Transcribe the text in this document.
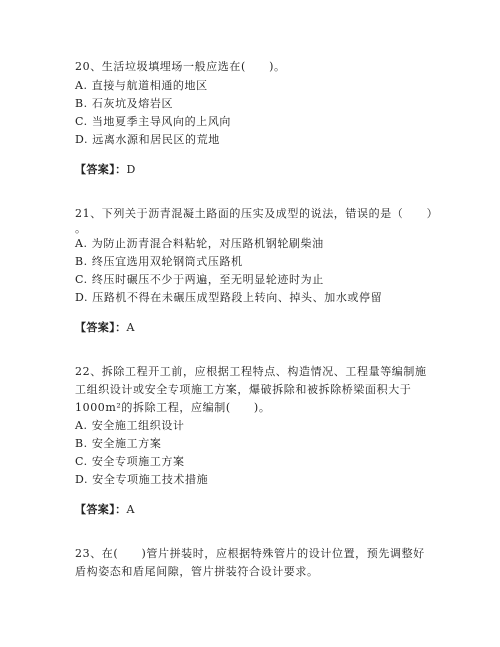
20、生活垃圾填埋场一般应选在(　　)。
A. 直接与航道相通的地区
B. 石灰坑及熔岩区
C. 当地夏季主导风向的上风向
D. 远离水源和居民区的荒地
【答案】：D
21、下列关于沥青混凝土路面的压实及成型的说法，错误的是（　　）
。
A. 为防止沥青混合料粘轮，对压路机钢轮刷柴油
B. 终压宜选用双轮钢筒式压路机
C. 终压时碾压不少于两遍，至无明显轮迹时为止
D. 压路机不得在未碾压成型路段上转向、掉头、加水或停留
【答案】：A
22、拆除工程开工前，应根据工程特点、构造情况、工程量等编制施
工组织设计或安全专项施工方案，爆破拆除和被拆除桥梁面积大于
1000m²的拆除工程，应编制(　　)。
A. 安全施工组织设计
B. 安全施工方案
C. 安全专项施工方案
D. 安全专项施工技术措施
【答案】：A
23、在(　　)管片拼装时，应根据特殊管片的设计位置，预先调整好
盾构姿态和盾尾间隙，管片拼装符合设计要求。
